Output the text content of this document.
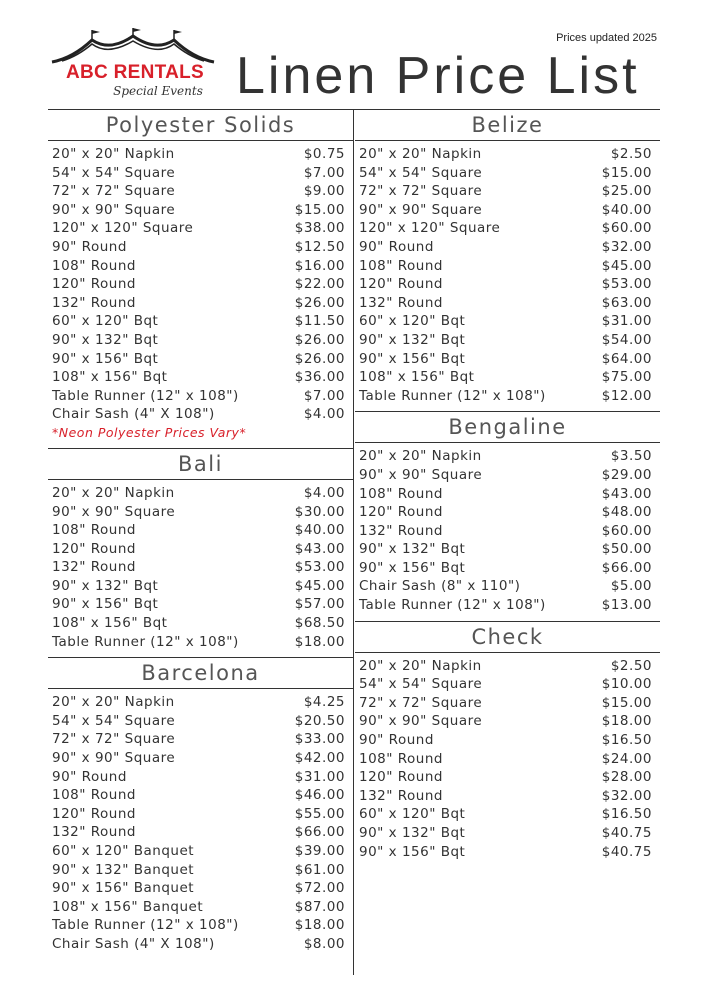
ABC RENTALS
Special Events
Prices updated 2025
Linen Price List
Polyester Solids
20" x 20" Napkin	$0.75
54" x 54" Square	$7.00
72" x 72" Square	$9.00
90" x 90" Square	$15.00
120" x 120" Square	$38.00
90" Round	$12.50
108" Round	$16.00
120" Round	$22.00
132" Round	$26.00
60" x 120" Bqt	$11.50
90" x 132" Bqt	$26.00
90" x 156" Bqt	$26.00
108" x 156" Bqt	$36.00
Table Runner (12" x 108")	$7.00
Chair Sash (4" X 108")	$4.00
*Neon Polyester Prices Vary*
Bali
20" x 20" Napkin	$4.00
90" x 90" Square	$30.00
108" Round	$40.00
120" Round	$43.00
132" Round	$53.00
90" x 132" Bqt	$45.00
90" x 156" Bqt	$57.00
108" x 156" Bqt	$68.50
Table Runner (12" x 108")	$18.00
Barcelona
20" x 20" Napkin	$4.25
54" x 54" Square	$20.50
72" x 72" Square	$33.00
90" x 90" Square	$42.00
90" Round	$31.00
108" Round	$46.00
120" Round	$55.00
132" Round	$66.00
60" x 120" Banquet	$39.00
90" x 132" Banquet	$61.00
90" x 156" Banquet	$72.00
108" x 156" Banquet	$87.00
Table Runner (12" x 108")	$18.00
Chair Sash (4" X 108")	$8.00
Belize
20" x 20" Napkin	$2.50
54" x 54" Square	$15.00
72" x 72" Square	$25.00
90" x 90" Square	$40.00
120" x 120" Square	$60.00
90" Round	$32.00
108" Round	$45.00
120" Round	$53.00
132" Round	$63.00
60" x 120" Bqt	$31.00
90" x 132" Bqt	$54.00
90" x 156" Bqt	$64.00
108" x 156" Bqt	$75.00
Table Runner (12" x 108")	$12.00
Bengaline
20" x 20" Napkin	$3.50
90" x 90" Square	$29.00
108" Round	$43.00
120" Round	$48.00
132" Round	$60.00
90" x 132" Bqt	$50.00
90" x 156" Bqt	$66.00
Chair Sash (8" x 110")	$5.00
Table Runner (12" x 108")	$13.00
Check
20" x 20" Napkin	$2.50
54" x 54" Square	$10.00
72" x 72" Square	$15.00
90" x 90" Square	$18.00
90" Round	$16.50
108" Round	$24.00
120" Round	$28.00
132" Round	$32.00
60" x 120" Bqt	$16.50
90" x 132" Bqt	$40.75
90" x 156" Bqt	$40.75
